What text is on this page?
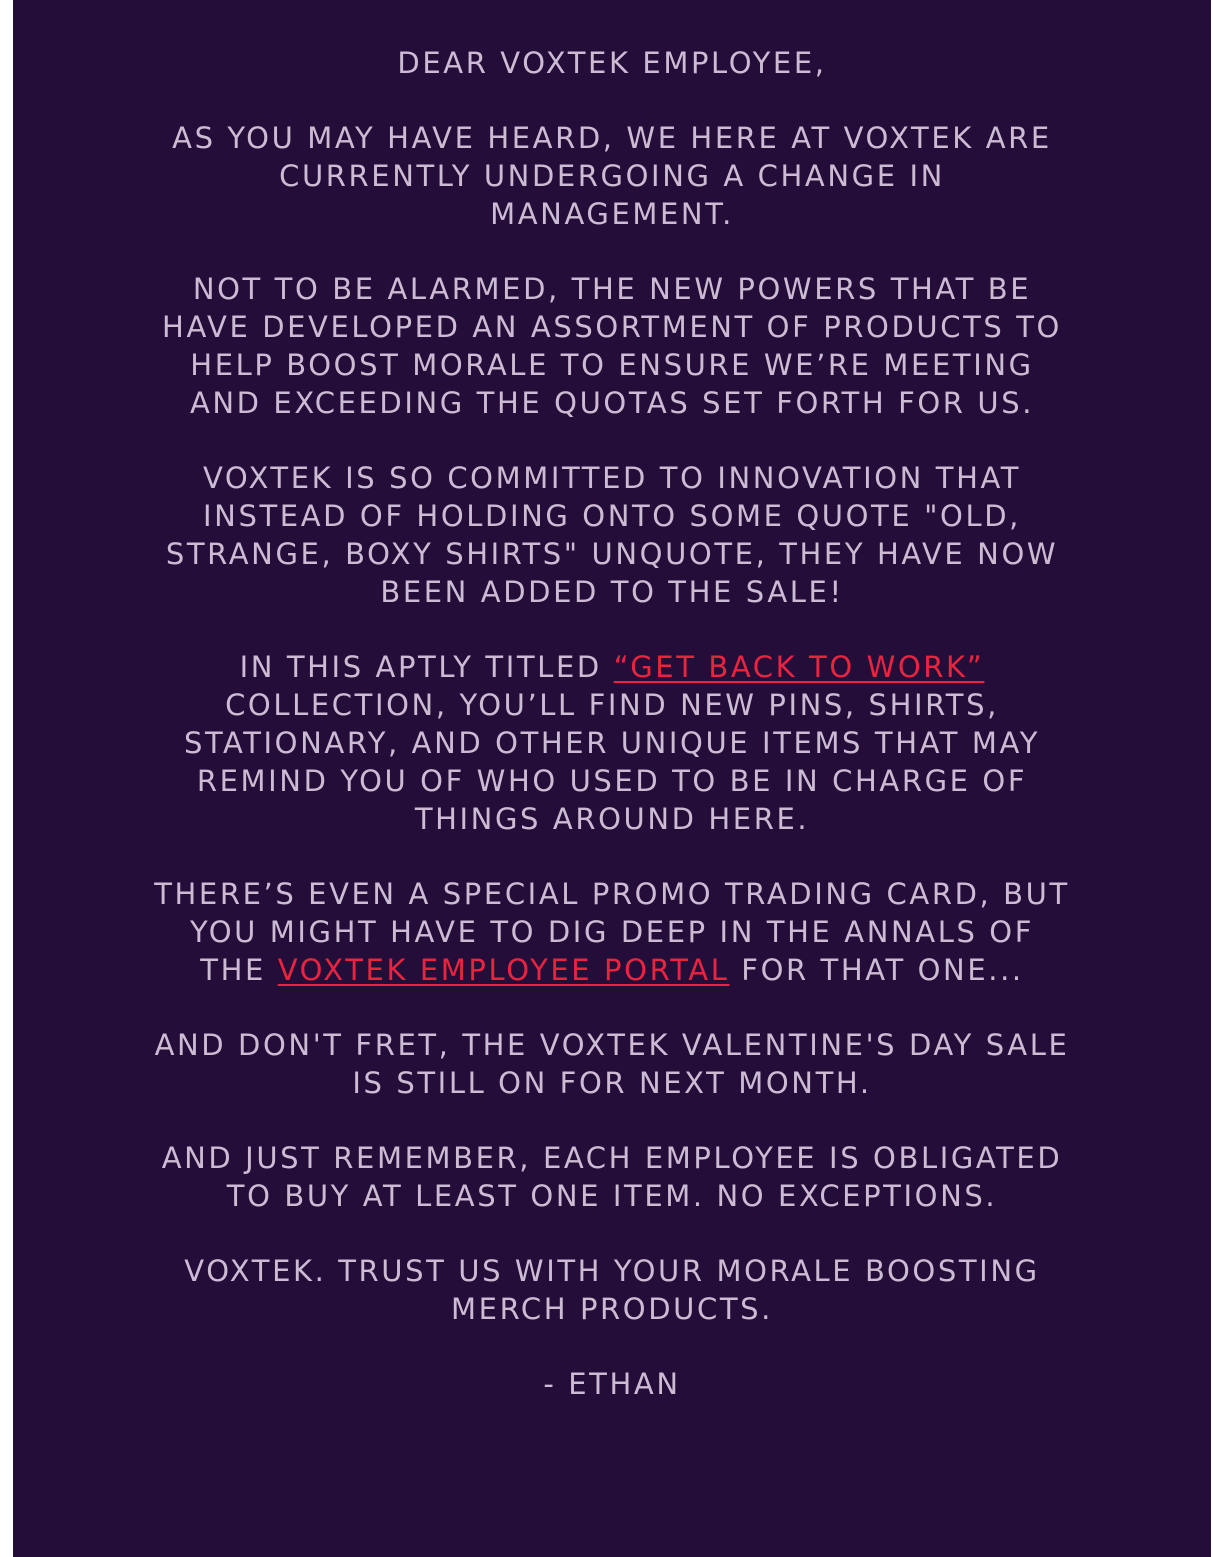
DEAR VOXTEK EMPLOYEE,

AS YOU MAY HAVE HEARD, WE HERE AT VOXTEK ARE CURRENTLY UNDERGOING A CHANGE IN MANAGEMENT.

NOT TO BE ALARMED, THE NEW POWERS THAT BE HAVE DEVELOPED AN ASSORTMENT OF PRODUCTS TO HELP BOOST MORALE TO ENSURE WE’RE MEETING AND EXCEEDING THE QUOTAS SET FORTH FOR US.

VOXTEK IS SO COMMITTED TO INNOVATION THAT INSTEAD OF HOLDING ONTO SOME QUOTE "OLD, STRANGE, BOXY SHIRTS" UNQUOTE, THEY HAVE NOW BEEN ADDED TO THE SALE!

IN THIS APTLY TITLED “GET BACK TO WORK” COLLECTION, YOU’LL FIND NEW PINS, SHIRTS, STATIONARY, AND OTHER UNIQUE ITEMS THAT MAY REMIND YOU OF WHO USED TO BE IN CHARGE OF THINGS AROUND HERE.

THERE’S EVEN A SPECIAL PROMO TRADING CARD, BUT YOU MIGHT HAVE TO DIG DEEP IN THE ANNALS OF THE VOXTEK EMPLOYEE PORTAL FOR THAT ONE...

AND DON'T FRET, THE VOXTEK VALENTINE'S DAY SALE IS STILL ON FOR NEXT MONTH.

AND JUST REMEMBER, EACH EMPLOYEE IS OBLIGATED TO BUY AT LEAST ONE ITEM. NO EXCEPTIONS.

VOXTEK. TRUST US WITH YOUR MORALE BOOSTING MERCH PRODUCTS.

- ETHAN
